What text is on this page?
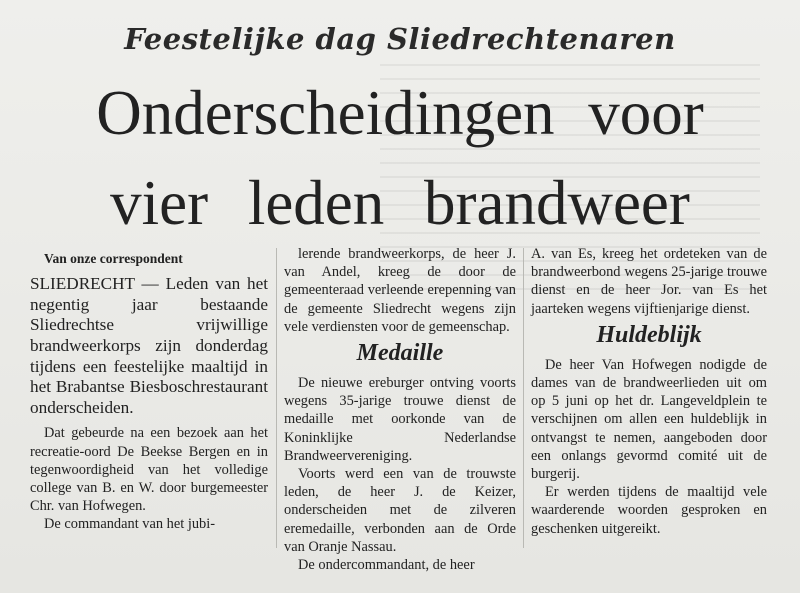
Feestelijke dag Sliedrechtenaren
Onderscheidingen voor
vier leden brandweer

Van onze correspondent

SLIEDRECHT — Leden van het negentig jaar bestaande Sliedrechtse vrijwillige brandweerkorps zijn donderdag tijdens een feestelijke maaltijd in het Brabantse Biesboschrestaurant onderscheiden.

Dat gebeurde na een bezoek aan het recreatie-oord De Beekse Bergen en in tegenwoordigheid van het volledige college van B. en W. door burgemeester Chr. van Hofwegen.

De commandant van het jubi-

lerende brandweerkorps, de heer J. van Andel, kreeg de door de gemeenteraad verleende erepenning van de gemeente Sliedrecht wegens zijn vele verdiensten voor de gemeenschap.

Medaille

De nieuwe ereburger ontving voorts wegens 35-jarige trouwe dienst de medaille met oorkonde van de Koninklijke Nederlandse Brandweervereniging.

Voorts werd een van de trouwste leden, de heer J. de Keizer, onderscheiden met de zilveren eremedaille, verbonden aan de Orde van Oranje Nassau.

De ondercommandant, de heer

A. van Es, kreeg het ordeteken van de brandweerbond wegens 25-jarige trouwe dienst en de heer Jor. van Es het jaarteken wegens vijftienjarige dienst.

Huldeblijk

De heer Van Hofwegen nodigde de dames van de brandweerlieden uit om op 5 juni op het dr. Langeveldplein te verschijnen om allen een huldeblijk in ontvangst te nemen, aangeboden door een onlangs gevormd comité uit de burgerij.

Er werden tijdens de maaltijd vele waarderende woorden gesproken en geschenken uitgereikt.
